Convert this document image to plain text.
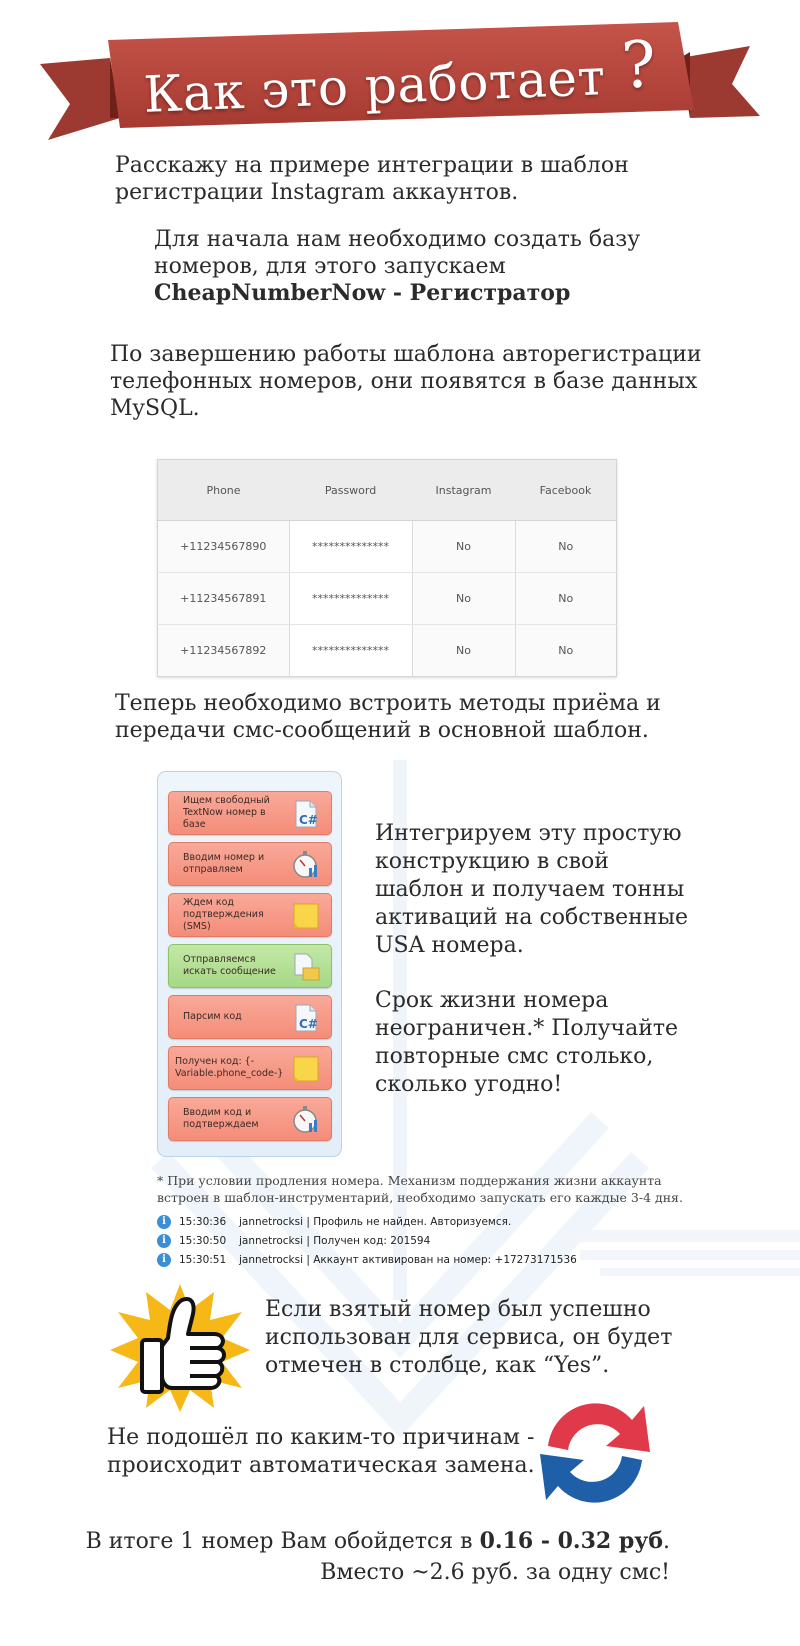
Как это работает ?
Расскажу на примере интеграции в шаблон
регистрации Instagram аккаунтов.
Для начала нам необходимо создать базу
номеров, для этого запускаем
CheapNumberNow - Регистратор
По завершению работы шаблона авторегистрации
телефонных номеров, они появятся в базе данных
MySQL.
Phone	Password	Instagram	Facebook
+11234567890	**************	No	No
+11234567891	**************	No	No
+11234567892	**************	No	No
Теперь необходимо встроить методы приёма и
передачи смс-сообщений в основной шаблон.
Ищем свободный
TextNow номер в базе	C#
Вводим номер и
отправляем
Ждем код
подтверждения (SMS)
Отправляемся
искать сообщение
Парсим код
C#
Получен код: {-
Variable.phone_code-}
Вводим код и
подтверждаем
Интегрируем эту простую
конструкцию в свой
шаблон и получаем тонны
активаций на собственные
USA номера.
Срок жизни номера
неограничен.* Получайте
повторные смс столько,
сколько угодно!
* При условии продления номера. Механизм поддержания жизни аккаунта
встроен в шаблон-инструментарий, необходимо запускать его каждые 3-4 дня.
i	15:30:36	jannetrocksi | Профиль не найден. Авторизуемся.
i	15:30:50	jannetrocksi | Получен код: 201594
i	15:30:51	jannetrocksi | Аккаунт активирован на номер: +17273171536
Если взятый номер был успешно
использован для сервиса, он будет
отмечен в столбце, как “Yes”.
Не подошёл по каким-то причинам -
происходит автоматическая замена.
В итоге 1 номер Вам обойдется в 0.16 - 0.32 руб.
Вместо ~2.6 руб. за одну смс!
